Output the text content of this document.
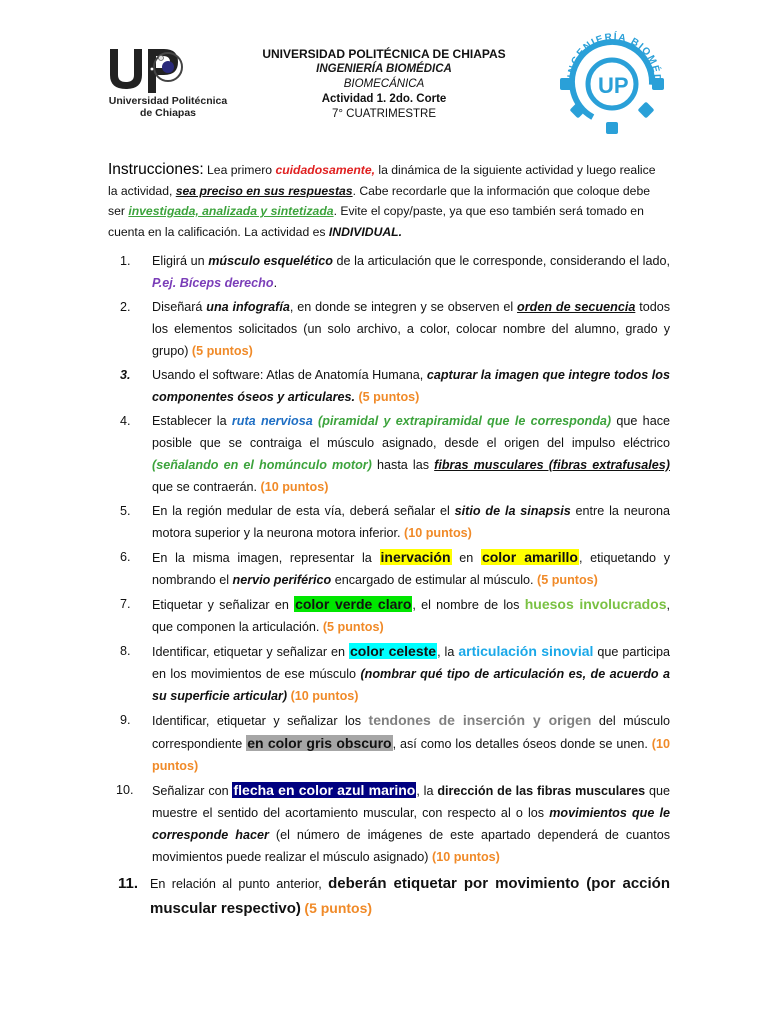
Universidad Politécnica
de Chiapas
UNIVERSIDAD POLITÉCNICA DE CHIAPAS
INGENIERÍA BIOMÉDICA
BIOMECÁNICA
Actividad 1. 2do. Corte
7° CUATRIMESTRE
UP
INGENIERÍA BIOMÉD
Instrucciones: Lea primero cuidadosamente, la dinámica de la siguiente actividad y luego realice la actividad, sea preciso en sus respuestas. Cabe recordarle que la información que coloque debe ser investigada, analizada y sintetizada. Evite el copy/paste, ya que eso también será tomado en cuenta en la calificación. La actividad es INDIVIDUAL.
1.	Eligirá un músculo esquelético de la articulación que le corresponde, considerando el lado, P.ej. Bíceps derecho.
2.	Diseñará una infografía, en donde se integren y se observen el orden de secuencia todos los elementos solicitados (un solo archivo, a color, colocar nombre del alumno, grado y grupo) (5 puntos)
3.	Usando el software: Atlas de Anatomía Humana, capturar la imagen que integre todos los componentes óseos y articulares. (5 puntos)
4.	Establecer la ruta nerviosa (piramidal y extrapiramidal que le corresponda) que hace posible que se contraiga el músculo asignado, desde el origen del impulso eléctrico (señalando en el homúnculo motor) hasta las fibras musculares (fibras extrafusales) que se contraerán. (10 puntos)
5.	En la región medular de esta vía, deberá señalar el sitio de la sinapsis entre la neurona motora superior y la neurona motora inferior. (10 puntos)
6.	En la misma imagen, representar la inervación en color amarillo, etiquetando y nombrando el nervio periférico encargado de estimular al músculo. (5 puntos)
7.	Etiquetar y señalizar en color verde claro, el nombre de los huesos involucrados, que componen la articulación. (5 puntos)
8.	Identificar, etiquetar y señalizar en color celeste, la articulación sinovial que participa en los movimientos de ese músculo (nombrar qué tipo de articulación es, de acuerdo a su superficie articular) (10 puntos)
9.	Identificar, etiquetar y señalizar los tendones de inserción y origen del músculo correspondiente en color gris obscuro, así como los detalles óseos donde se unen. (10 puntos)
10.	Señalizar con flecha en color azul marino, la dirección de las fibras musculares que muestre el sentido del acortamiento muscular, con respecto al o los movimientos que le corresponde hacer (el número de imágenes de este apartado dependerá de cuantos movimientos puede realizar el músculo asignado) (10 puntos)
11. En relación al punto anterior, deberán etiquetar por movimiento (por acción muscular respectivo) (5 puntos)
